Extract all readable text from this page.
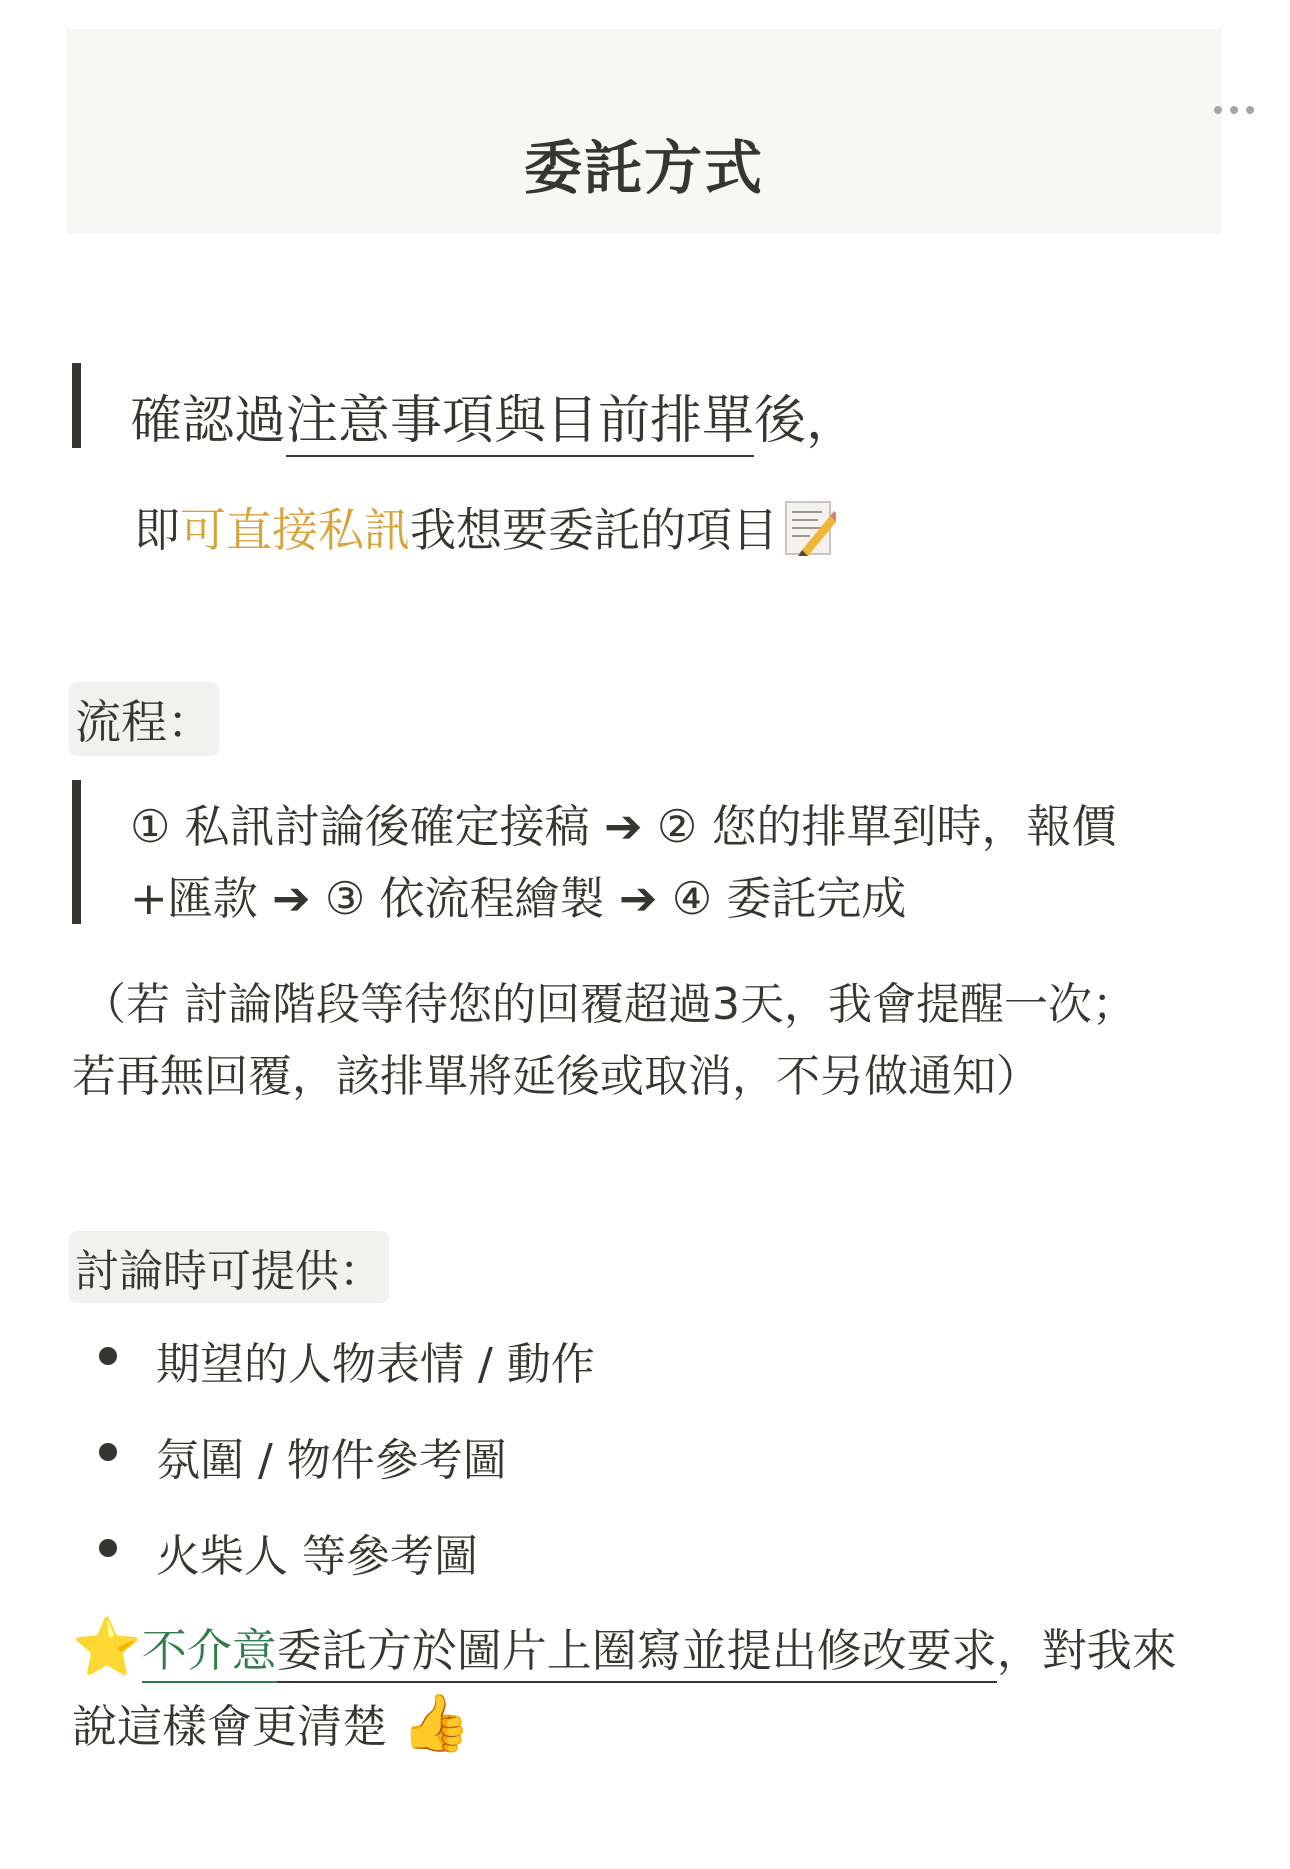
委託方式
確認過注意事項與目前排單後，
即可直接私訊我想要委託的項目
流程：
① 私訊討論後確定接稿 ➔ ② 您的排單到時，報價
+匯款 ➔ ③ 依流程繪製 ➔ ④ 委託完成
（若 討論階段等待您的回覆超過3天，我會提醒一次；
若再無回覆，該排單將延後或取消，不另做通知）
討論時可提供：
期望的人物表情 / 動作
氛圍 / 物件參考圖
火柴人 等參考圖
⭐不介意委託方於圖片上圈寫並提出修改要求，對我來
說這樣會更清楚 👍
